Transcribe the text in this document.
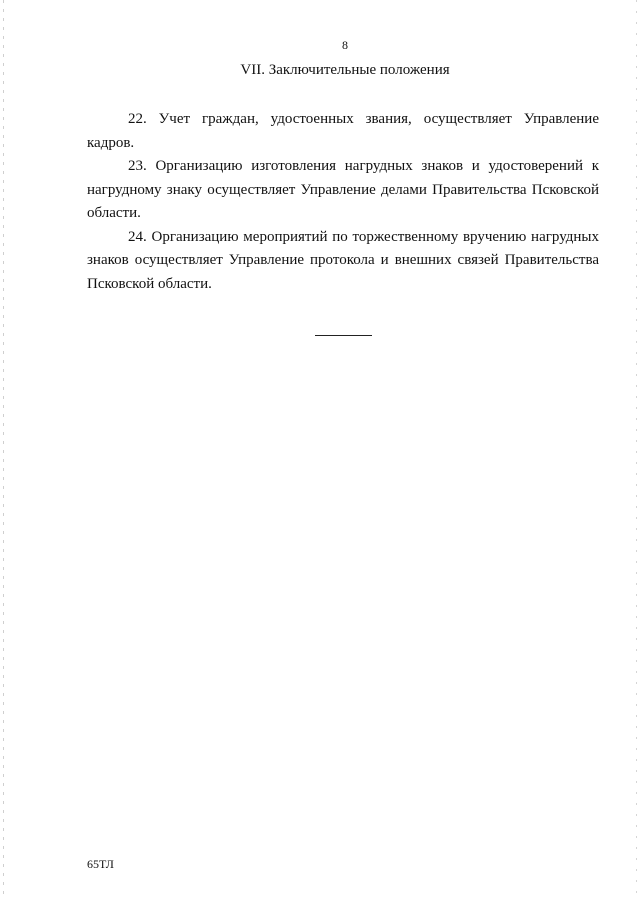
8
VII. Заключительные положения

22. Учет граждан, удостоенных звания, осуществляет Управление кадров.

23. Организацию изготовления нагрудных знаков и удостоверений к нагрудному знаку осуществляет Управление делами Правительства Псковской области.

24. Организацию мероприятий по торжественному вручению нагрудных знаков осуществляет Управление протокола и внешних связей Правительства Псковской области.

65ТЛ
